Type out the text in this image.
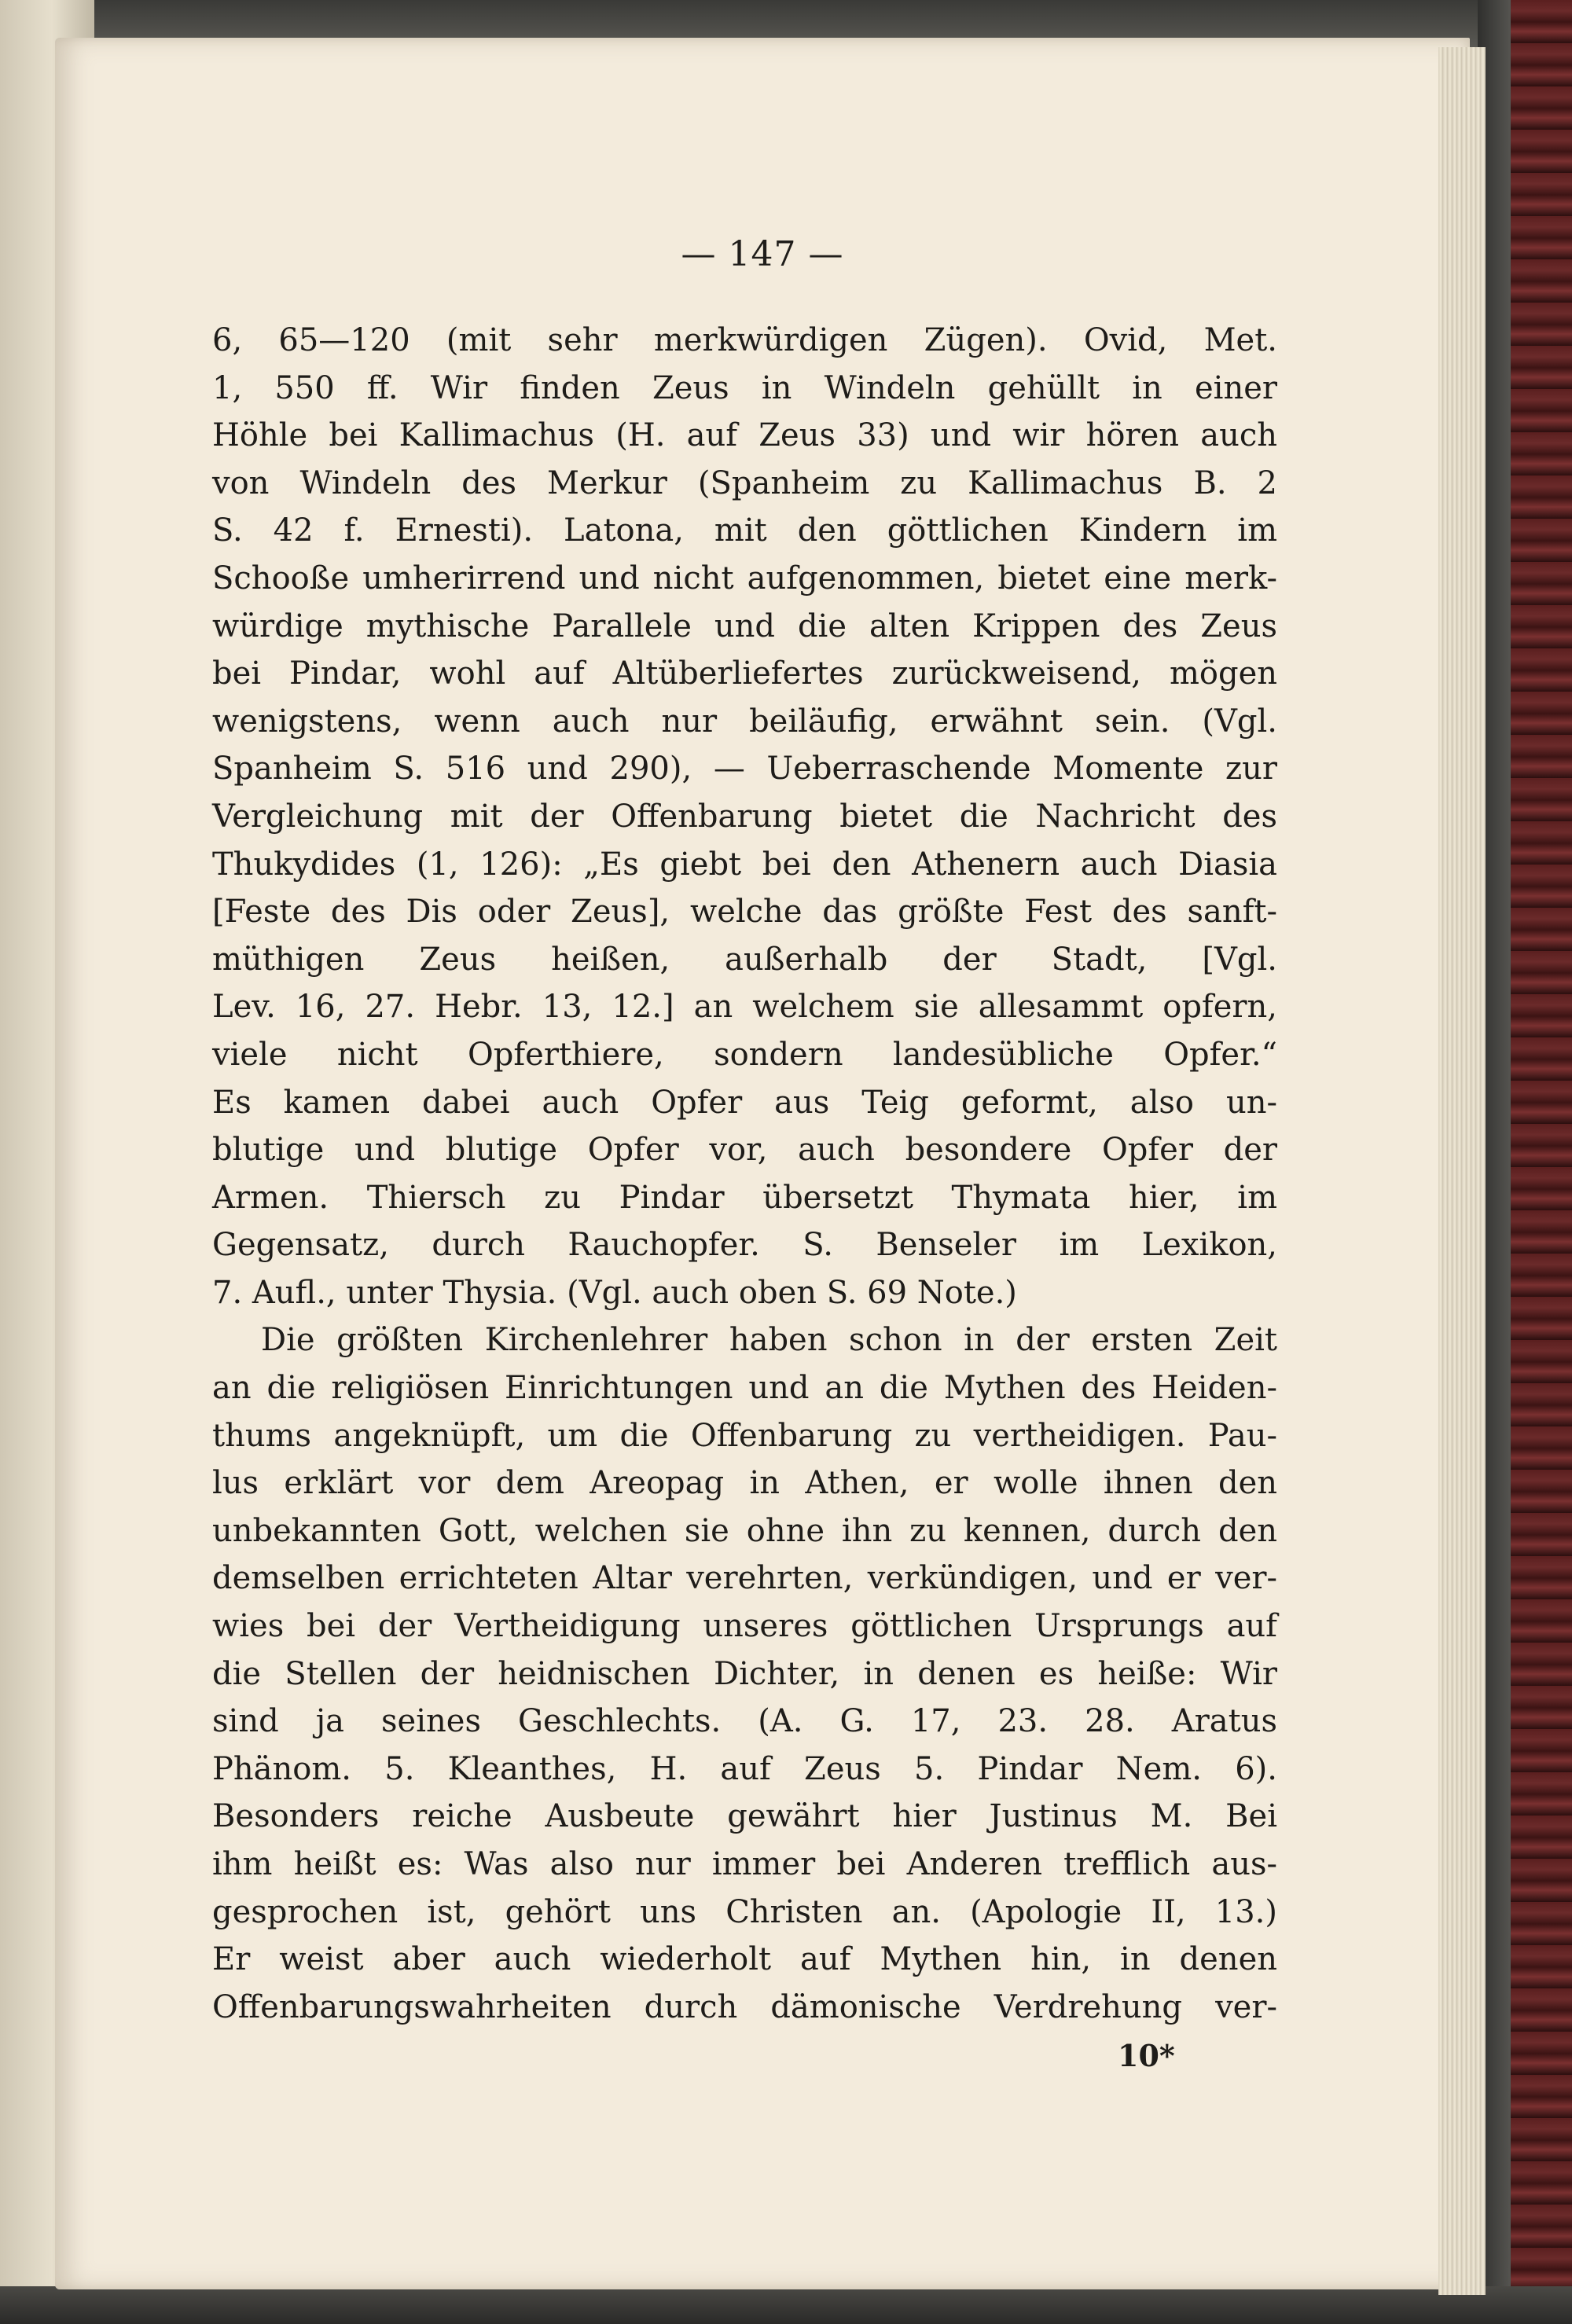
— 147 —
6, 65—120 (mit sehr merkwürdigen Zügen). Ovid, Met.
1, 550 ff. Wir finden Zeus in Windeln gehüllt in einer
Höhle bei Kallimachus (H. auf Zeus 33) und wir hören auch
von Windeln des Merkur (Spanheim zu Kallimachus B. 2
S. 42 f. Ernesti). Latona, mit den göttlichen Kindern im
Schooße umherirrend und nicht aufgenommen, bietet eine merk-
würdige mythische Parallele und die alten Krippen des Zeus
bei Pindar, wohl auf Altüberliefertes zurückweisend, mögen
wenigstens, wenn auch nur beiläufig, erwähnt sein. (Vgl.
Spanheim S. 516 und 290), — Ueberraschende Momente zur
Vergleichung mit der Offenbarung bietet die Nachricht des
Thukydides (1, 126): „Es giebt bei den Athenern auch Diasia
[Feste des Dis oder Zeus], welche das größte Fest des sanft-
müthigen Zeus heißen, außerhalb der Stadt, [Vgl.
Lev. 16, 27. Hebr. 13, 12.] an welchem sie allesammt opfern,
viele nicht Opferthiere, sondern landesübliche Opfer.“
Es kamen dabei auch Opfer aus Teig geformt, also un-
blutige und blutige Opfer vor, auch besondere Opfer der
Armen. Thiersch zu Pindar übersetzt Thymata hier, im
Gegensatz, durch Rauchopfer. S. Benseler im Lexikon,
7. Aufl., unter Thysia. (Vgl. auch oben S. 69 Note.)
Die größten Kirchenlehrer haben schon in der ersten Zeit
an die religiösen Einrichtungen und an die Mythen des Heiden-
thums angeknüpft, um die Offenbarung zu vertheidigen. Pau-
lus erklärt vor dem Areopag in Athen, er wolle ihnen den
unbekannten Gott, welchen sie ohne ihn zu kennen, durch den
demselben errichteten Altar verehrten, verkündigen, und er ver-
wies bei der Vertheidigung unseres göttlichen Ursprungs auf
die Stellen der heidnischen Dichter, in denen es heiße: Wir
sind ja seines Geschlechts. (A. G. 17, 23. 28. Aratus
Phänom. 5. Kleanthes, H. auf Zeus 5. Pindar Nem. 6).
Besonders reiche Ausbeute gewährt hier Justinus M. Bei
ihm heißt es: Was also nur immer bei Anderen trefflich aus-
gesprochen ist, gehört uns Christen an. (Apologie II, 13.)
Er weist aber auch wiederholt auf Mythen hin, in denen
Offenbarungswahrheiten durch dämonische Verdrehung ver-
10*
